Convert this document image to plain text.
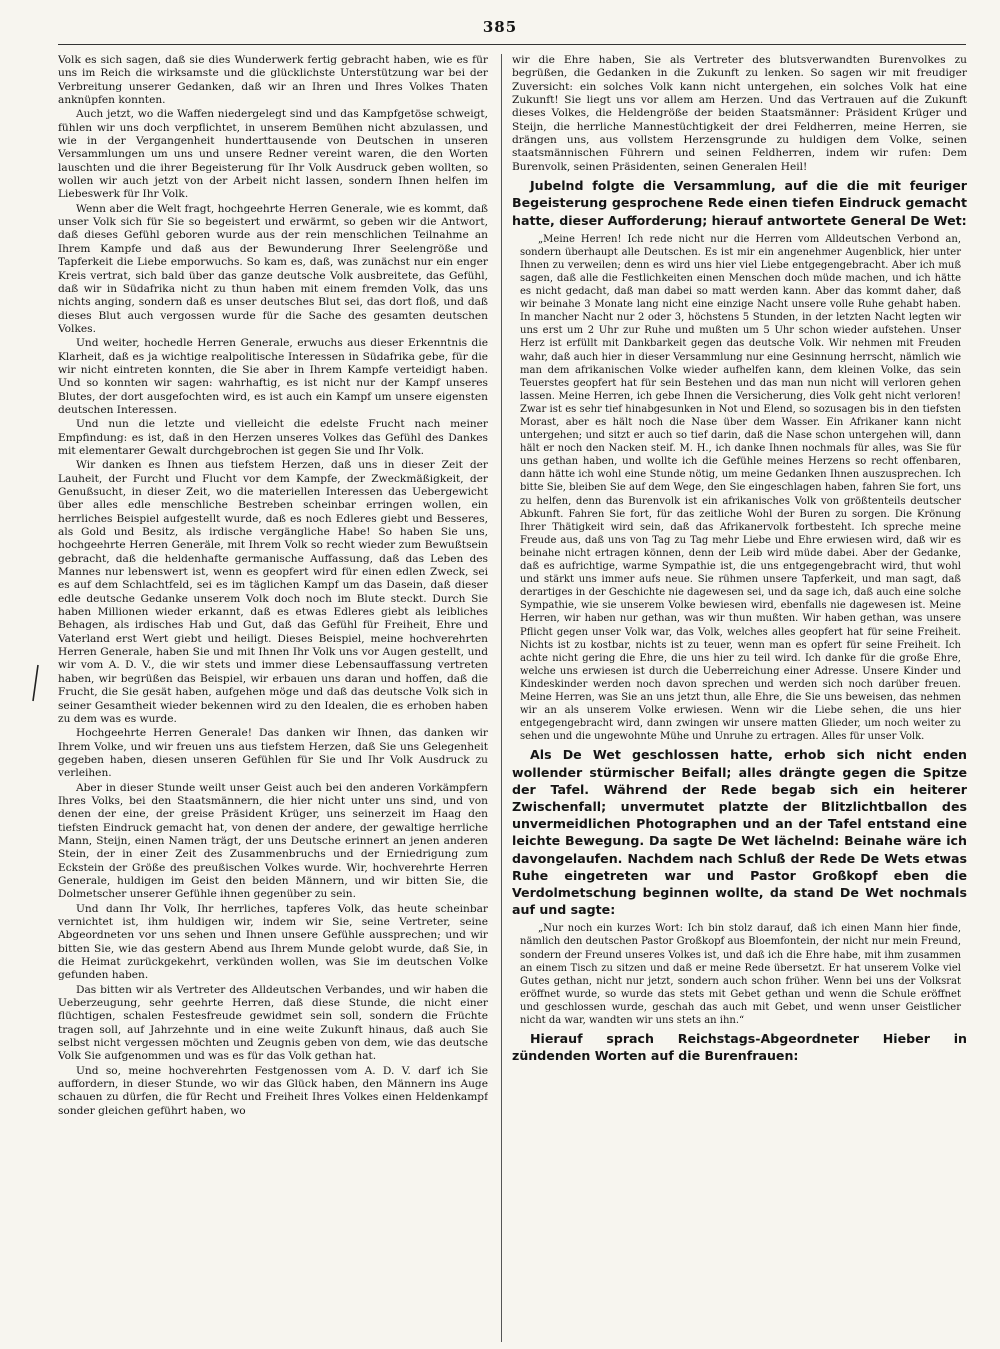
385

Volk es sich sagen, daß sie dies Wunderwerk fertig gebracht haben, wie es für uns im Reich die wirksamste und die glücklichste Unterstützung war bei der Verbreitung unserer Gedanken, daß wir an Ihren und Ihres Volkes Thaten anknüpfen konnten.

Auch jetzt, wo die Waffen niedergelegt sind und das Kampfgetöse schweigt, fühlen wir uns doch verpflichtet, in unserem Bemühen nicht abzulassen, und wie in der Vergangenheit hunderttausende von Deutschen in unseren Versammlungen um uns und unsere Redner vereint waren, die den Worten lauschten und die ihrer Begeisterung für Ihr Volk Ausdruck geben wollten, so wollen wir auch jetzt von der Arbeit nicht lassen, sondern Ihnen helfen im Liebeswerk für Ihr Volk.

Wenn aber die Welt fragt, hochgeehrte Herren Generale, wie es kommt, daß unser Volk sich für Sie so begeistert und erwärmt, so geben wir die Antwort, daß dieses Gefühl geboren wurde aus der rein menschlichen Teilnahme an Ihrem Kampfe und daß aus der Bewunderung Ihrer Seelengröße und Tapferkeit die Liebe emporwuchs. So kam es, daß, was zunächst nur ein enger Kreis vertrat, sich bald über das ganze deutsche Volk ausbreitete, das Gefühl, daß wir in Südafrika nicht zu thun haben mit einem fremden Volk, das uns nichts anging, sondern daß es unser deutsches Blut sei, das dort floß, und daß dieses Blut auch vergossen wurde für die Sache des gesamten deutschen Volkes.

Und weiter, hochedle Herren Generale, erwuchs aus dieser Erkenntnis die Klarheit, daß es ja wichtige realpolitische Interessen in Südafrika gebe, für die wir nicht eintreten konnten, die Sie aber in Ihrem Kampfe verteidigt haben. Und so konnten wir sagen: wahrhaftig, es ist nicht nur der Kampf unseres Blutes, der dort ausgefochten wird, es ist auch ein Kampf um unsere eigensten deutschen Interessen.

Und nun die letzte und vielleicht die edelste Frucht nach meiner Empfindung: es ist, daß in den Herzen unseres Volkes das Gefühl des Dankes mit elementarer Gewalt durchgebrochen ist gegen Sie und Ihr Volk.

Wir danken es Ihnen aus tiefstem Herzen, daß uns in dieser Zeit der Lauheit, der Furcht und Flucht vor dem Kampfe, der Zweckmäßigkeit, der Genußsucht, in dieser Zeit, wo die materiellen Interessen das Uebergewicht über alles edle menschliche Bestreben scheinbar erringen wollen, ein herrliches Beispiel aufgestellt wurde, daß es noch Edleres giebt und Besseres, als Gold und Besitz, als irdische vergängliche Habe! So haben Sie uns, hochgeehrte Herren Generäle, mit Ihrem Volk so recht wieder zum Bewußtsein gebracht, daß die heldenhafte germanische Auffassung, daß das Leben des Mannes nur lebenswert ist, wenn es geopfert wird für einen edlen Zweck, sei es auf dem Schlachtfeld, sei es im täglichen Kampf um das Dasein, daß dieser edle deutsche Gedanke unserem Volk doch noch im Blute steckt. Durch Sie haben Millionen wieder erkannt, daß es etwas Edleres giebt als leibliches Behagen, als irdisches Hab und Gut, daß das Gefühl für Freiheit, Ehre und Vaterland erst Wert giebt und heiligt. Dieses Beispiel, meine hochverehrten Herren Generale, haben Sie und mit Ihnen Ihr Volk uns vor Augen gestellt, und wir vom A. D. V., die wir stets und immer diese Lebensauffassung vertreten haben, wir begrüßen das Beispiel, wir erbauen uns daran und hoffen, daß die Frucht, die Sie gesät haben, aufgehen möge und daß das deutsche Volk sich in seiner Gesamtheit wieder bekennen wird zu den Idealen, die es erhoben haben zu dem was es wurde.

Hochgeehrte Herren Generale! Das danken wir Ihnen, das danken wir Ihrem Volke, und wir freuen uns aus tiefstem Herzen, daß Sie uns Gelegenheit gegeben haben, diesen unseren Gefühlen für Sie und Ihr Volk Ausdruck zu verleihen.

Aber in dieser Stunde weilt unser Geist auch bei den anderen Vorkämpfern Ihres Volks, bei den Staatsmännern, die hier nicht unter uns sind, und von denen der eine, der greise Präsident Krüger, uns seinerzeit im Haag den tiefsten Eindruck gemacht hat, von denen der andere, der gewaltige herrliche Mann, Steijn, einen Namen trägt, der uns Deutsche erinnert an jenen anderen Stein, der in einer Zeit des Zusammenbruchs und der Erniedrigung zum Eckstein der Größe des preußischen Volkes wurde. Wir, hochverehrte Herren Generale, huldigen im Geist den beiden Männern, und wir bitten Sie, die Dolmetscher unserer Gefühle ihnen gegenüber zu sein.

Und dann Ihr Volk, Ihr herrliches, tapferes Volk, das heute scheinbar vernichtet ist, ihm huldigen wir, indem wir Sie, seine Vertreter, seine Abgeordneten vor uns sehen und Ihnen unsere Gefühle aussprechen; und wir bitten Sie, wie das gestern Abend aus Ihrem Munde gelobt wurde, daß Sie, in die Heimat zurückgekehrt, verkünden wollen, was Sie im deutschen Volke gefunden haben.

Das bitten wir als Vertreter des Alldeutschen Verbandes, und wir haben die Ueberzeugung, sehr geehrte Herren, daß diese Stunde, die nicht einer flüchtigen, schalen Festesfreude gewidmet sein soll, sondern die Früchte tragen soll, auf Jahrzehnte und in eine weite Zukunft hinaus, daß auch Sie selbst nicht vergessen möchten und Zeugnis geben von dem, wie das deutsche Volk Sie aufgenommen und was es für das Volk gethan hat.

Und so, meine hochverehrten Festgenossen vom A. D. V. darf ich Sie auffordern, in dieser Stunde, wo wir das Glück haben, den Männern ins Auge schauen zu dürfen, die für Recht und Freiheit Ihres Volkes einen Heldenkampf sonder gleichen geführt haben, wo

wir die Ehre haben, Sie als Vertreter des blutsverwandten Burenvolkes zu begrüßen, die Gedanken in die Zukunft zu lenken. So sagen wir mit freudiger Zuversicht: ein solches Volk kann nicht untergehen, ein solches Volk hat eine Zukunft! Sie liegt uns vor allem am Herzen. Und das Vertrauen auf die Zukunft dieses Volkes, die Heldengröße der beiden Staatsmänner: Präsident Krüger und Steijn, die herrliche Mannestüchtigkeit der drei Feldherren, meine Herren, sie drängen uns, aus vollstem Herzensgrunde zu huldigen dem Volke, seinen staatsmännischen Führern und seinen Feldherren, indem wir rufen: Dem Burenvolk, seinen Präsidenten, seinen Generalen Heil!

Jubelnd folgte die Versammlung, auf die die mit feuriger Begeisterung gesprochene Rede einen tiefen Eindruck gemacht hatte, dieser Aufforderung; hierauf antwortete General De Wet:

„Meine Herren! Ich rede nicht nur die Herren vom Alldeutschen Verbond an, sondern überhaupt alle Deutschen. Es ist mir ein angenehmer Augenblick, hier unter Ihnen zu verweilen; denn es wird uns hier viel Liebe entgegengebracht. Aber ich muß sagen, daß alle die Festlichkeiten einen Menschen doch müde machen, und ich hätte es nicht gedacht, daß man dabei so matt werden kann. Aber das kommt daher, daß wir beinahe 3 Monate lang nicht eine einzige Nacht unsere volle Ruhe gehabt haben. In mancher Nacht nur 2 oder 3, höchstens 5 Stunden, in der letzten Nacht legten wir uns erst um 2 Uhr zur Ruhe und mußten um 5 Uhr schon wieder aufstehen. Unser Herz ist erfüllt mit Dankbarkeit gegen das deutsche Volk. Wir nehmen mit Freuden wahr, daß auch hier in dieser Versammlung nur eine Gesinnung herrscht, nämlich wie man dem afrikanischen Volke wieder aufhelfen kann, dem kleinen Volke, das sein Teuerstes geopfert hat für sein Bestehen und das man nun nicht will verloren gehen lassen. Meine Herren, ich gebe Ihnen die Versicherung, dies Volk geht nicht verloren! Zwar ist es sehr tief hinabgesunken in Not und Elend, so sozusagen bis in den tiefsten Morast, aber es hält noch die Nase über dem Wasser. Ein Afrikaner kann nicht untergehen; und sitzt er auch so tief darin, daß die Nase schon untergehen will, dann hält er noch den Nacken steif. M. H., ich danke Ihnen nochmals für alles, was Sie für uns gethan haben, und wollte ich die Gefühle meines Herzens so recht offenbaren, dann hätte ich wohl eine Stunde nötig, um meine Gedanken Ihnen auszusprechen. Ich bitte Sie, bleiben Sie auf dem Wege, den Sie eingeschlagen haben, fahren Sie fort, uns zu helfen, denn das Burenvolk ist ein afrikanisches Volk von größtenteils deutscher Abkunft. Fahren Sie fort, für das zeitliche Wohl der Buren zu sorgen. Die Krönung Ihrer Thätigkeit wird sein, daß das Afrikanervolk fortbesteht. Ich spreche meine Freude aus, daß uns von Tag zu Tag mehr Liebe und Ehre erwiesen wird, daß wir es beinahe nicht ertragen können, denn der Leib wird müde dabei. Aber der Gedanke, daß es aufrichtige, warme Sympathie ist, die uns entgegengebracht wird, thut wohl und stärkt uns immer aufs neue. Sie rühmen unsere Tapferkeit, und man sagt, daß derartiges in der Geschichte nie dagewesen sei, und da sage ich, daß auch eine solche Sympathie, wie sie unserem Volke bewiesen wird, ebenfalls nie dagewesen ist. Meine Herren, wir haben nur gethan, was wir thun mußten. Wir haben gethan, was unsere Pflicht gegen unser Volk war, das Volk, welches alles geopfert hat für seine Freiheit. Nichts ist zu kostbar, nichts ist zu teuer, wenn man es opfert für seine Freiheit. Ich achte nicht gering die Ehre, die uns hier zu teil wird. Ich danke für die große Ehre, welche uns erwiesen ist durch die Ueberreichung einer Adresse. Unsere Kinder und Kindeskinder werden noch davon sprechen und werden sich noch darüber freuen. Meine Herren, was Sie an uns jetzt thun, alle Ehre, die Sie uns beweisen, das nehmen wir an als unserem Volke erwiesen. Wenn wir die Liebe sehen, die uns hier entgegengebracht wird, dann zwingen wir unsere matten Glieder, um noch weiter zu sehen und die ungewohnte Mühe und Unruhe zu ertragen. Alles für unser Volk.

Als De Wet geschlossen hatte, erhob sich nicht enden wollender stürmischer Beifall; alles drängte gegen die Spitze der Tafel. Während der Rede begab sich ein heiterer Zwischenfall; unvermutet platzte der Blitzlichtballon des unvermeidlichen Photographen und an der Tafel entstand eine leichte Bewegung. Da sagte De Wet lächelnd: Beinahe wäre ich davongelaufen. Nachdem nach Schluß der Rede De Wets etwas Ruhe eingetreten war und Pastor Großkopf eben die Verdolmetschung beginnen wollte, da stand De Wet nochmals auf und sagte:

„Nur noch ein kurzes Wort: Ich bin stolz darauf, daß ich einen Mann hier finde, nämlich den deutschen Pastor Großkopf aus Bloemfontein, der nicht nur mein Freund, sondern der Freund unseres Volkes ist, und daß ich die Ehre habe, mit ihm zusammen an einem Tisch zu sitzen und daß er meine Rede übersetzt. Er hat unserem Volke viel Gutes gethan, nicht nur jetzt, sondern auch schon früher. Wenn bei uns der Volksrat eröffnet wurde, so wurde das stets mit Gebet gethan und wenn die Schule eröffnet und geschlossen wurde, geschah das auch mit Gebet, und wenn unser Geistlicher nicht da war, wandten wir uns stets an ihn.“

Hierauf sprach Reichstags-Abgeordneter Hieber in zündenden Worten auf die Burenfrauen:
